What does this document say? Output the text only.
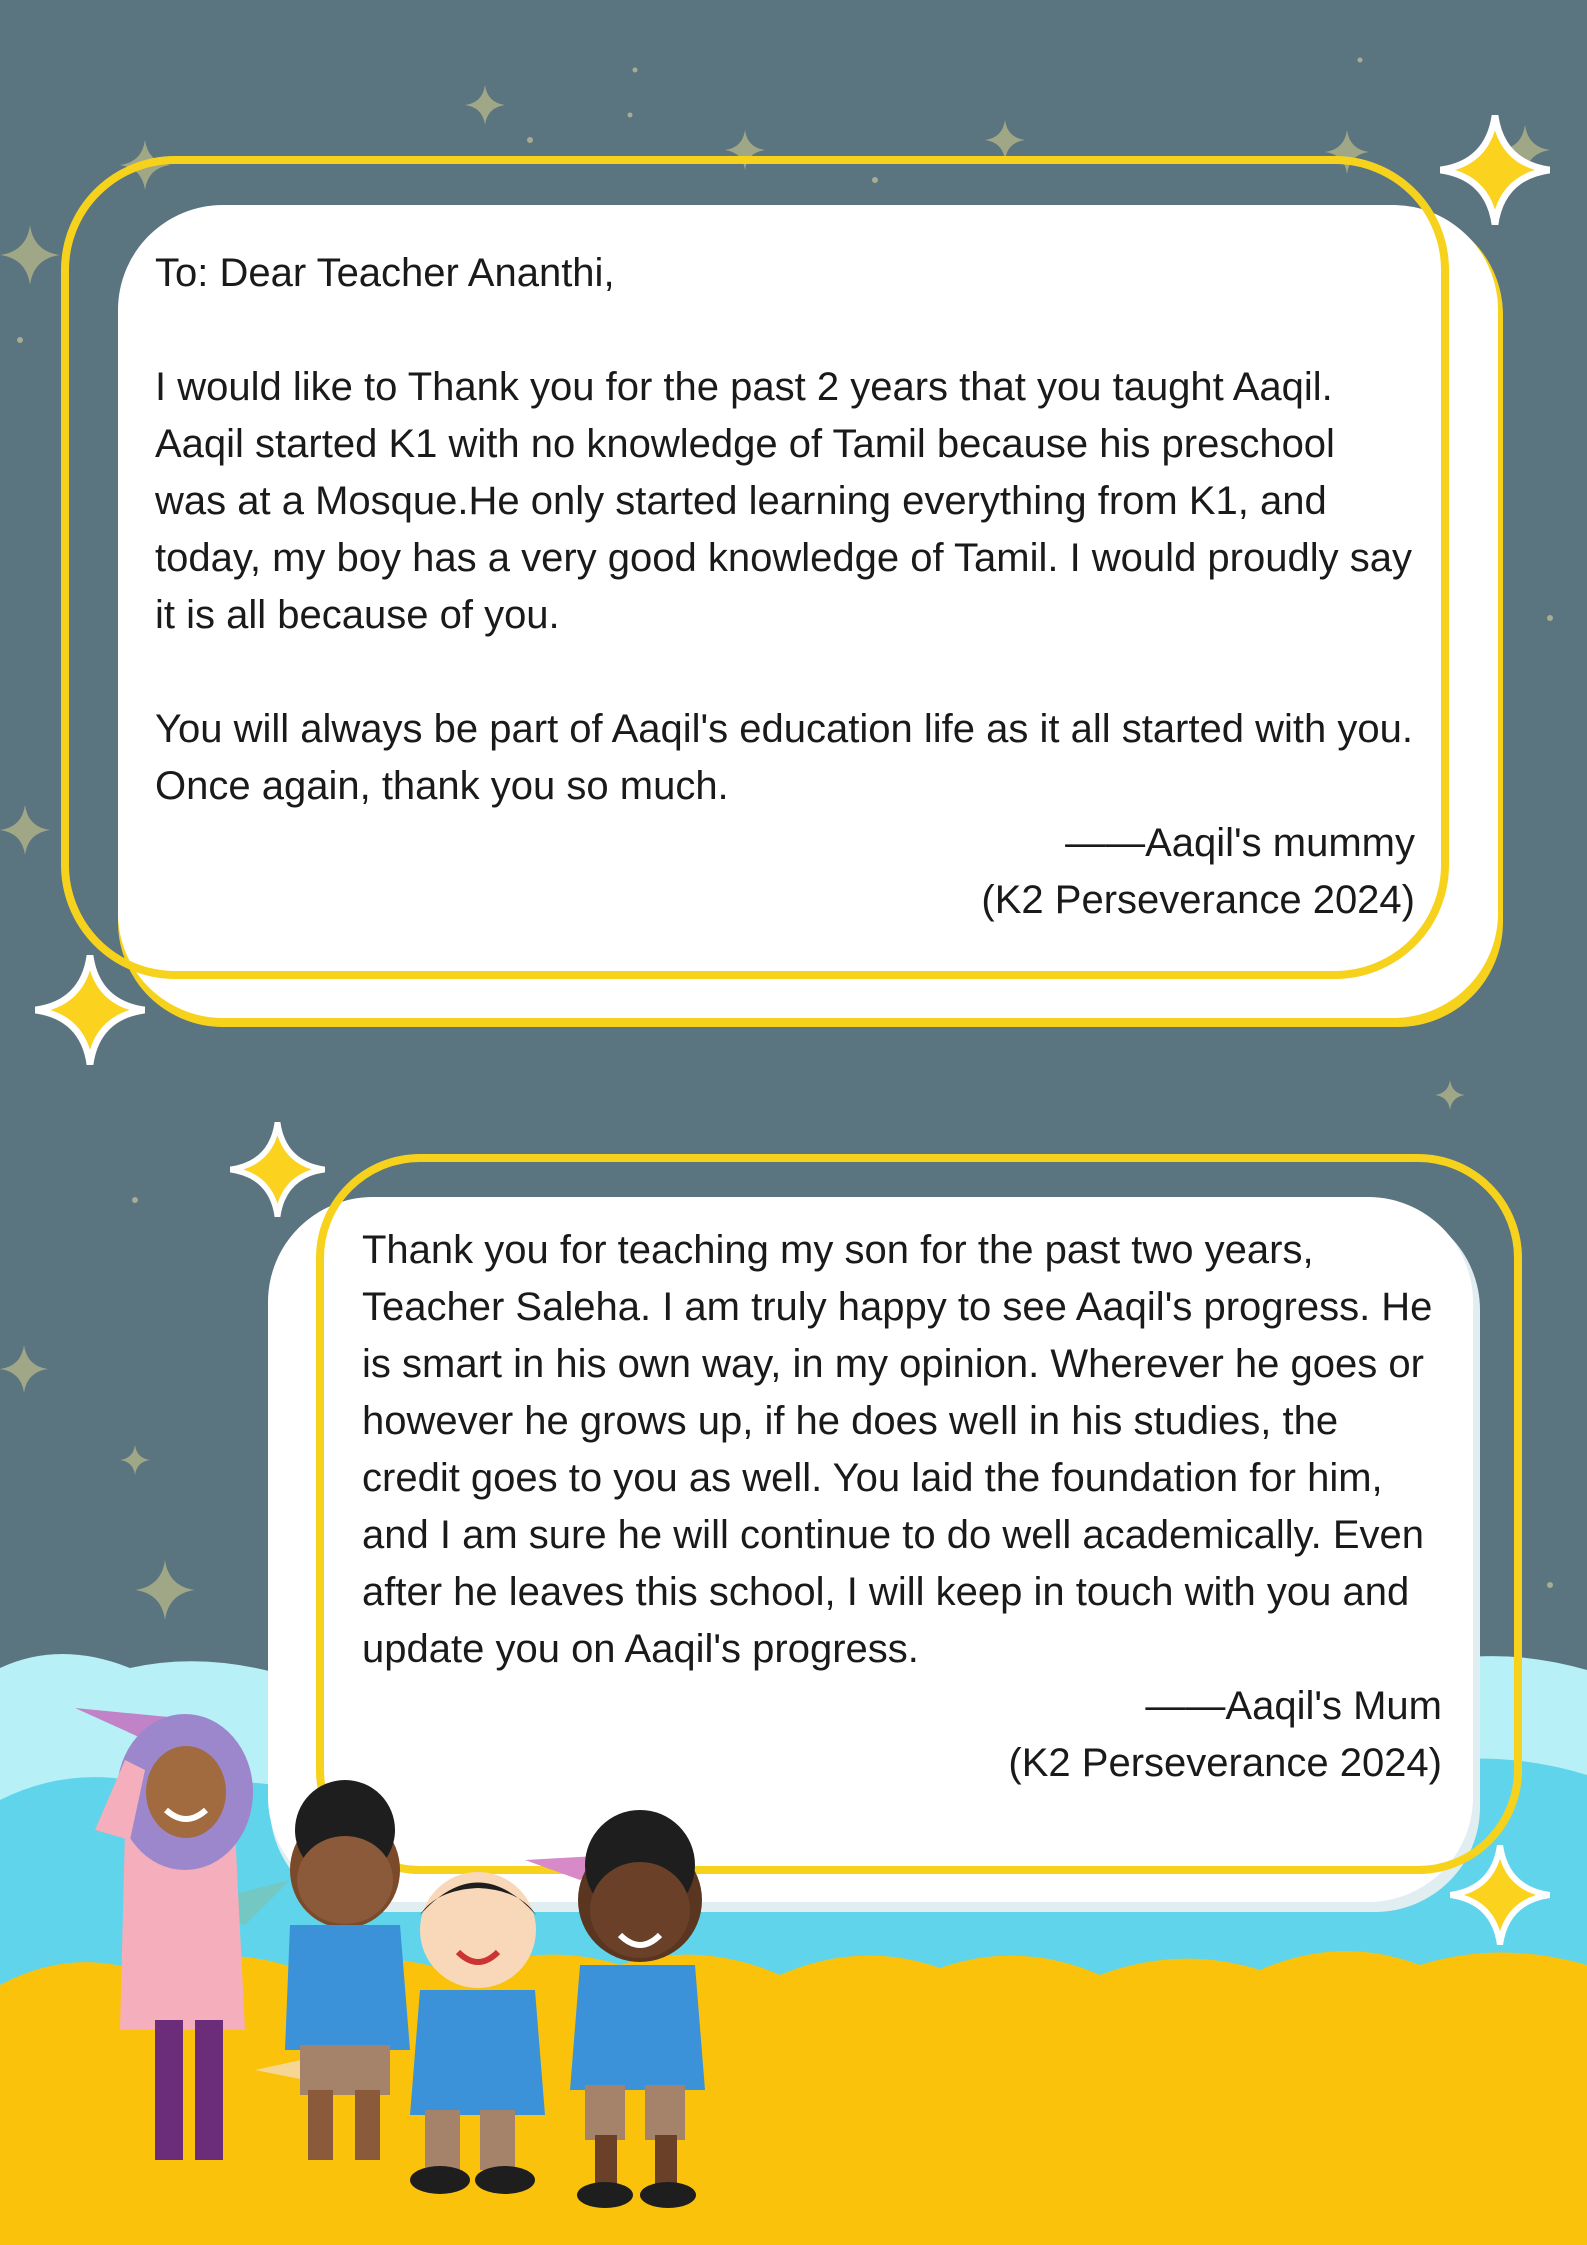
To: Dear Teacher Ananthi,

I would like to Thank you for the past 2 years that you taught Aaqil. Aaqil started K1 with no knowledge of Tamil because his preschool was at a Mosque.He only started learning everything from K1, and today, my boy has a very good knowledge of Tamil. I would proudly say it is all because of you.

You will always be part of Aaqil's education life as it all started with you. Once again, thank you so much.

——Aaqil's mummy

(K2 Perseverance 2024)

Thank you for teaching my son for the past two years, Teacher Saleha. I am truly happy to see Aaqil's progress. He is smart in his own way, in my opinion. Wherever he goes or however he grows up, if he does well in his studies, the credit goes to you as well. You laid the foundation for him, and I am sure he will continue to do well academically. Even after he leaves this school, I will keep in touch with you and update you on Aaqil's progress.

——Aaqil's Mum

(K2 Perseverance 2024)
